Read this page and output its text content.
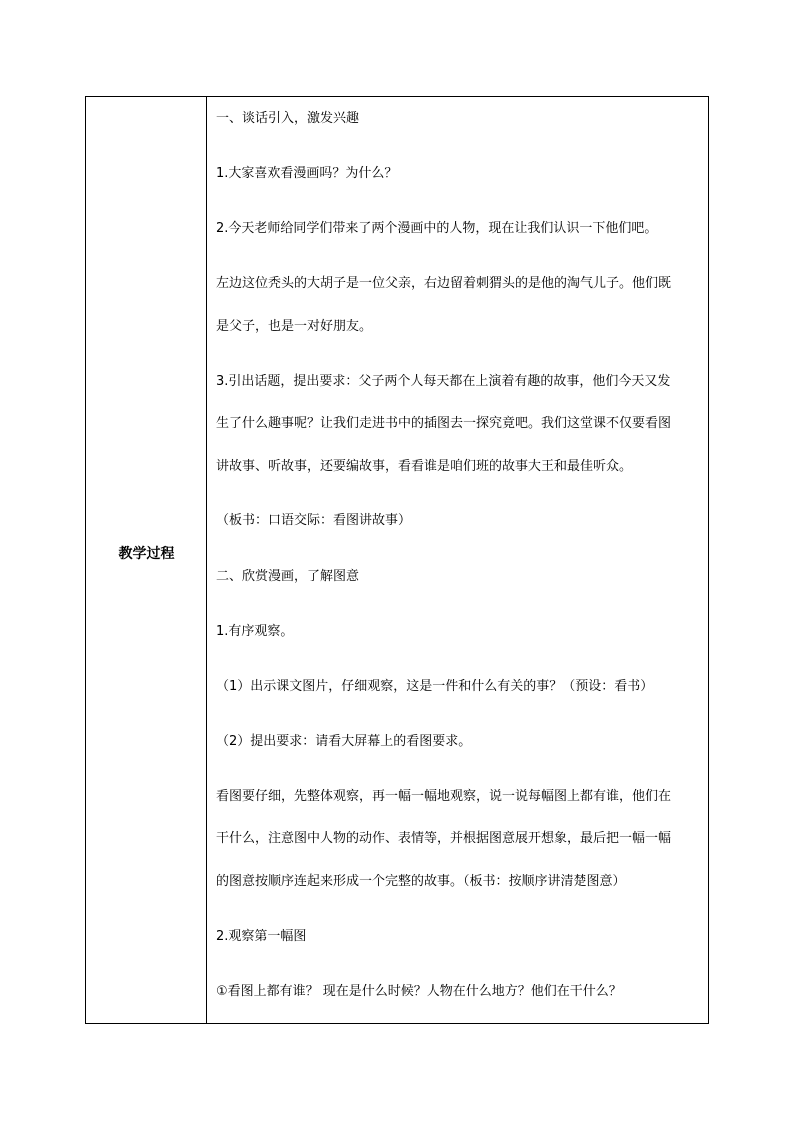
教学过程
一、谈话引入，激发兴趣
1.大家喜欢看漫画吗？为什么？
2.今天老师给同学们带来了两个漫画中的人物，现在让我们认识一下他们吧。
左边这位秃头的大胡子是一位父亲，右边留着刺猬头的是他的淘气儿子。他们既
是父子，也是一对好朋友。
3.引出话题，提出要求：父子两个人每天都在上演着有趣的故事，他们今天又发
生了什么趣事呢？让我们走进书中的插图去一探究竟吧。我们这堂课不仅要看图
讲故事、听故事，还要编故事，看看谁是咱们班的故事大王和最佳听众。
（板书：口语交际：看图讲故事）
二、欣赏漫画，了解图意
1.有序观察。
（1）出示课文图片，仔细观察，这是一件和什么有关的事？（预设：看书）
（2）提出要求：请看大屏幕上的看图要求。
看图要仔细，先整体观察，再一幅一幅地观察，说一说每幅图上都有谁，他们在
干什么，注意图中人物的动作、表情等，并根据图意展开想象，最后把一幅一幅
的图意按顺序连起来形成一个完整的故事。（板书：按顺序讲清楚图意）
2.观察第一幅图
①看图上都有谁？ 现在是什么时候？人物在什么地方？他们在干什么？
